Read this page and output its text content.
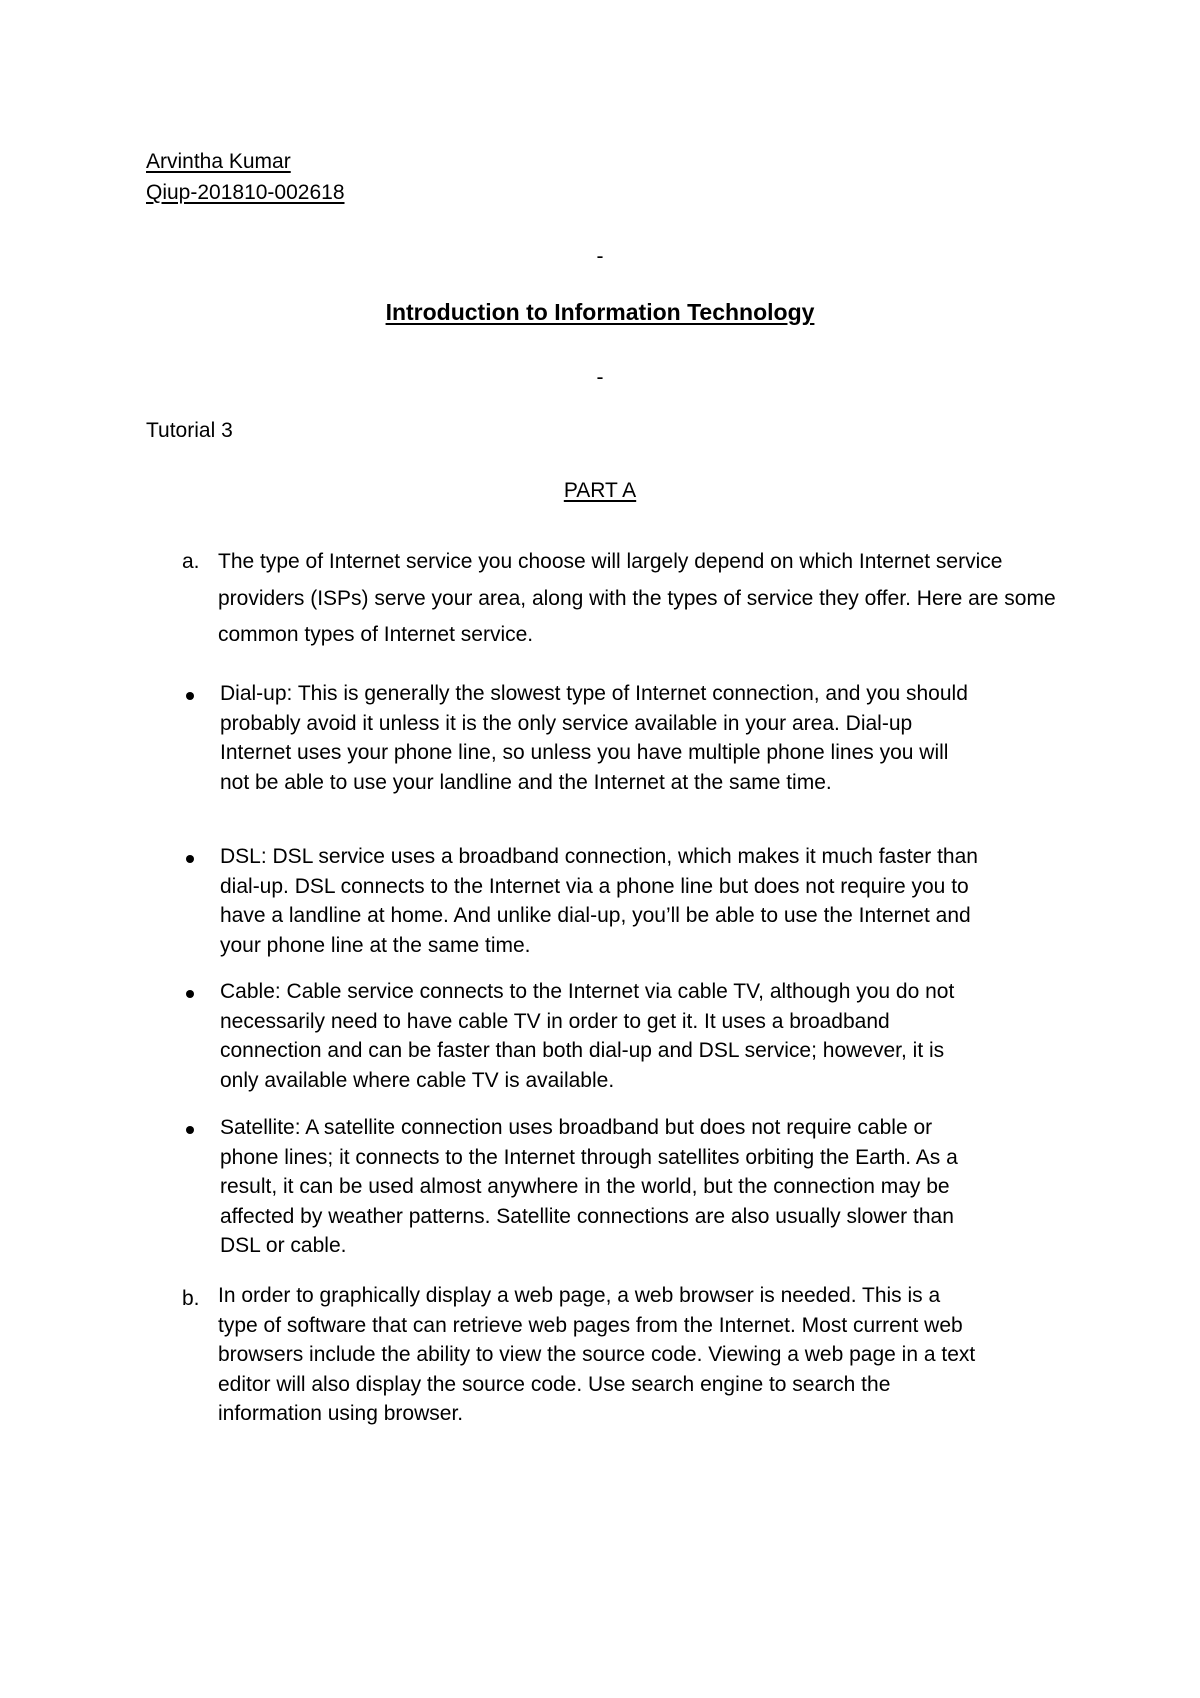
Arvintha Kumar
Qiup-201810-002618
-
Introduction to Information Technology
-
Tutorial 3
PART A
a. The type of Internet service you choose will largely depend on which Internet service providers (ISPs) serve your area, along with the types of service they offer. Here are some common types of Internet service.
Dial-up: This is generally the slowest type of Internet connection, and you should probably avoid it unless it is the only service available in your area. Dial-up Internet uses your phone line, so unless you have multiple phone lines you will not be able to use your landline and the Internet at the same time.
DSL: DSL service uses a broadband connection, which makes it much faster than dial-up. DSL connects to the Internet via a phone line but does not require you to have a landline at home. And unlike dial-up, you’ll be able to use the Internet and your phone line at the same time.
Cable: Cable service connects to the Internet via cable TV, although you do not necessarily need to have cable TV in order to get it. It uses a broadband connection and can be faster than both dial-up and DSL service; however, it is only available where cable TV is available.
Satellite: A satellite connection uses broadband but does not require cable or phone lines; it connects to the Internet through satellites orbiting the Earth. As a result, it can be used almost anywhere in the world, but the connection may be affected by weather patterns. Satellite connections are also usually slower than DSL or cable.
b. In order to graphically display a web page, a web browser is needed. This is a type of software that can retrieve web pages from the Internet. Most current web browsers include the ability to view the source code. Viewing a web page in a text editor will also display the source code. Use search engine to search the information using browser.
